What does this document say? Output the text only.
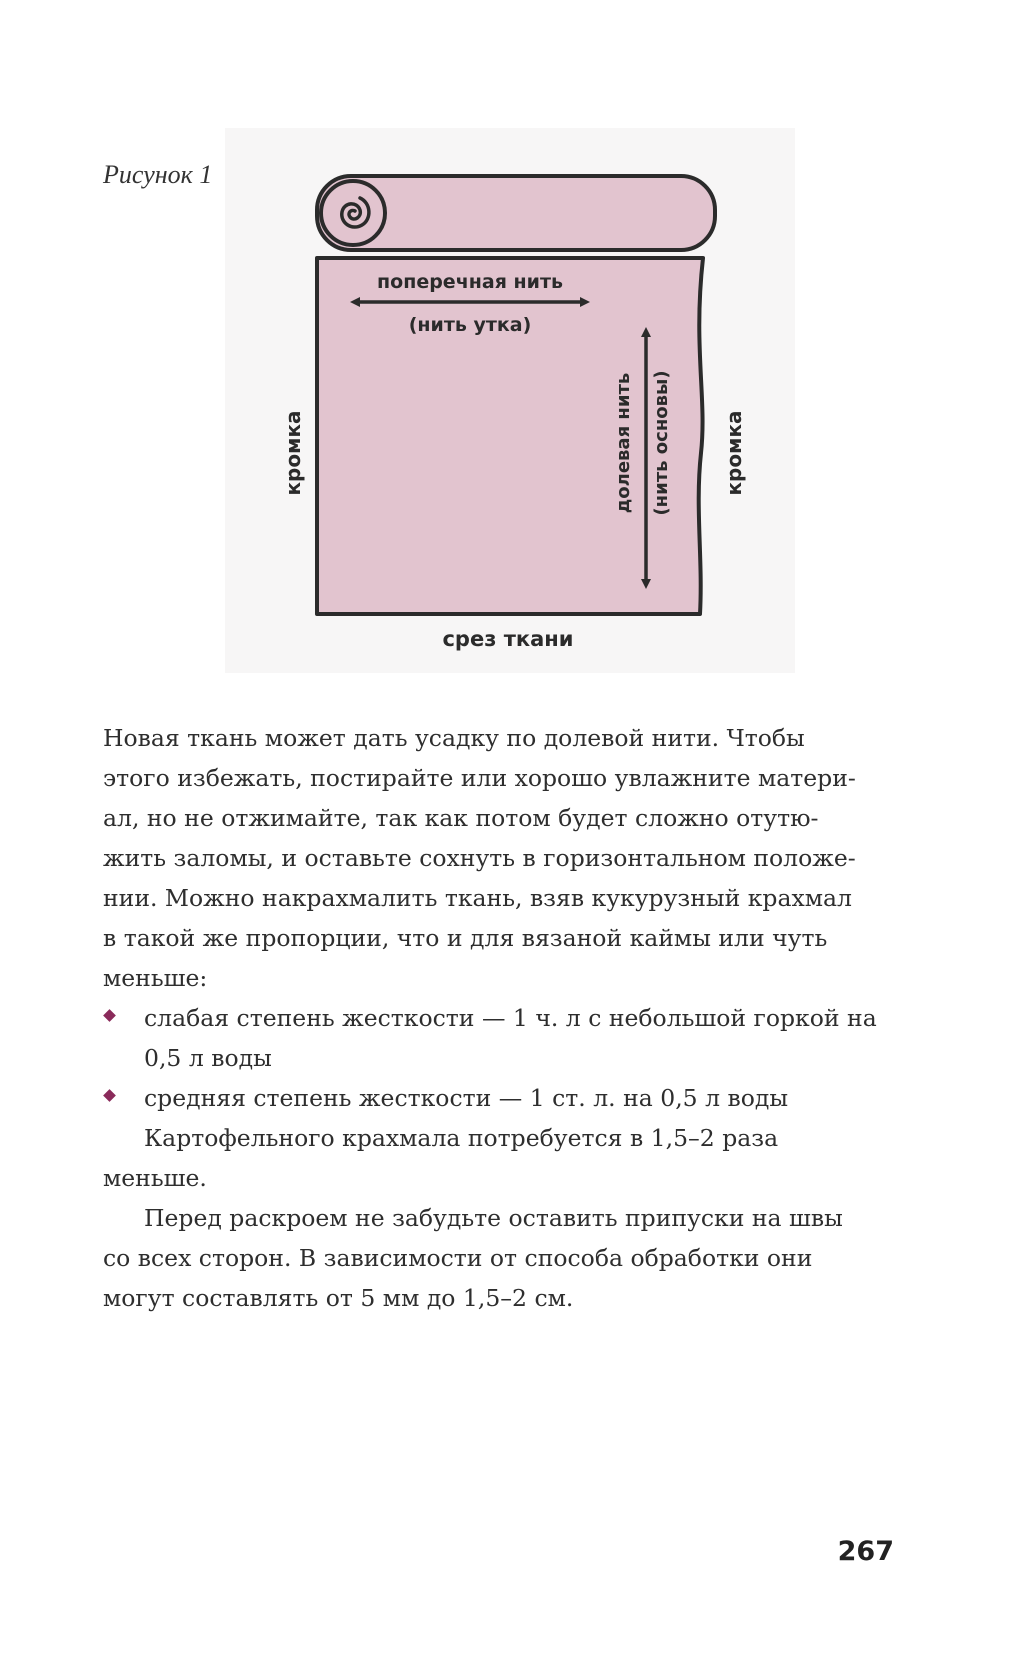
Рисунок 1
поперечная нить
(нить утка)
долевая нить (нить основы)
кромка	кромка
срез ткани
Новая ткань может дать усадку по долевой нити. Чтобы
этого избежать, постирайте или хорошо увлажните матери-
ал, но не отжимайте, так как потом будет сложно отутю-
жить заломы, и оставьте сохнуть в горизонтальном положе-
нии. Можно накрахмалить ткань, взяв кукурузный крахмал
в такой же пропорции, что и для вязаной каймы или чуть
меньше:
слабая степень жесткости — 1 ч. л с небольшой горкой на
0,5 л воды
средняя степень жесткости — 1 ст. л. на 0,5 л воды
Картофельного крахмала потребуется в 1,5–2 раза
меньше.
Перед раскроем не забудьте оставить припуски на швы
со всех сторон. В зависимости от способа обработки они
могут составлять от 5 мм до 1,5–2 см.
267
